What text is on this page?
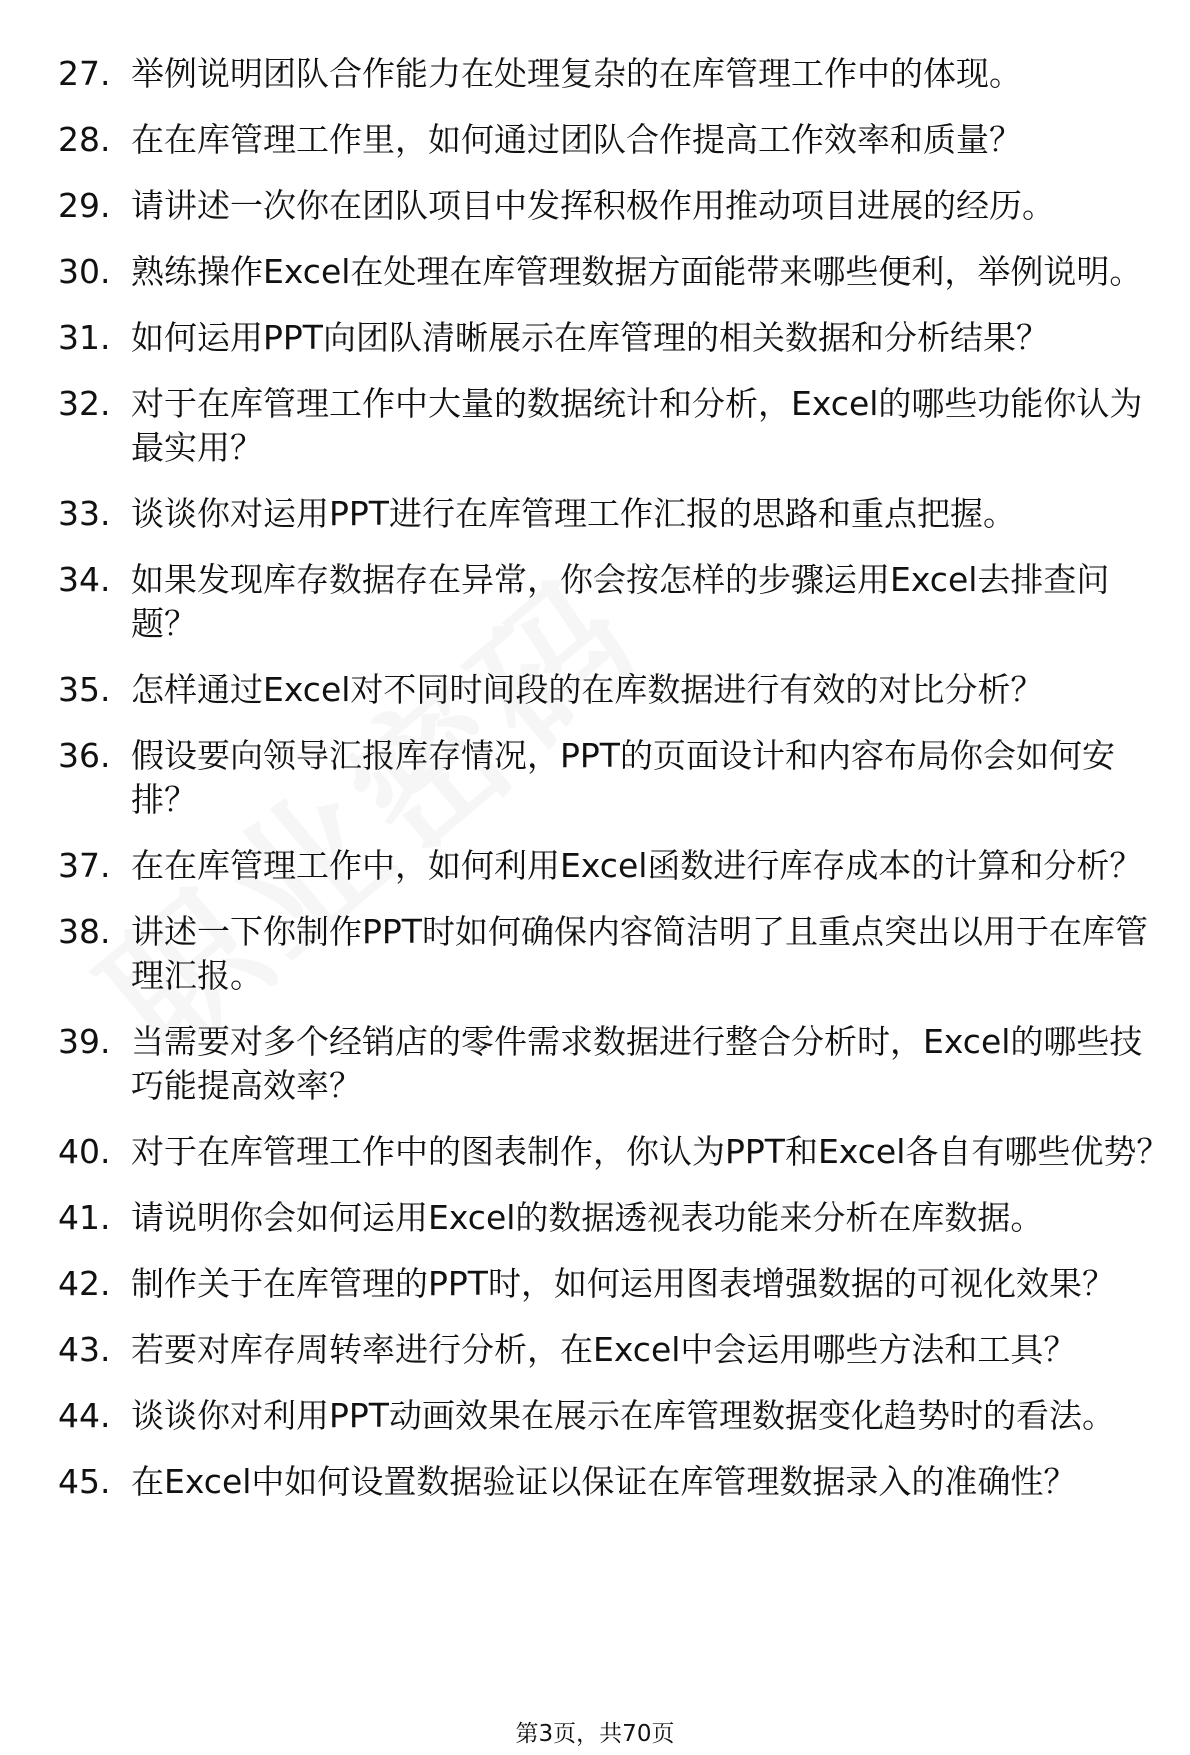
27. 举例说明团队合作能力在处理复杂的在库管理工作中的体现。
28. 在在库管理工作里，如何通过团队合作提高工作效率和质量？
29. 请讲述一次你在团队项目中发挥积极作用推动项目进展的经历。
30. 熟练操作Excel在处理在库管理数据方面能带来哪些便利，举例说明。
31. 如何运用PPT向团队清晰展示在库管理的相关数据和分析结果？
32. 对于在库管理工作中大量的数据统计和分析，Excel的哪些功能你认为最实用？
33. 谈谈你对运用PPT进行在库管理工作汇报的思路和重点把握。
34. 如果发现库存数据存在异常，你会按怎样的步骤运用Excel去排查问题？
35. 怎样通过Excel对不同时间段的在库数据进行有效的对比分析？
36. 假设要向领导汇报库存情况，PPT的页面设计和内容布局你会如何安排？
37. 在在库管理工作中，如何利用Excel函数进行库存成本的计算和分析？
38. 讲述一下你制作PPT时如何确保内容简洁明了且重点突出以用于在库管理汇报。
39. 当需要对多个经销店的零件需求数据进行整合分析时，Excel的哪些技巧能提高效率？
40. 对于在库管理工作中的图表制作，你认为PPT和Excel各自有哪些优势？
41. 请说明你会如何运用Excel的数据透视表功能来分析在库数据。
42. 制作关于在库管理的PPT时，如何运用图表增强数据的可视化效果？
43. 若要对库存周转率进行分析，在Excel中会运用哪些方法和工具？
44. 谈谈你对利用PPT动画效果在展示在库管理数据变化趋势时的看法。
45. 在Excel中如何设置数据验证以保证在库管理数据录入的准确性？
第3页，共70页
